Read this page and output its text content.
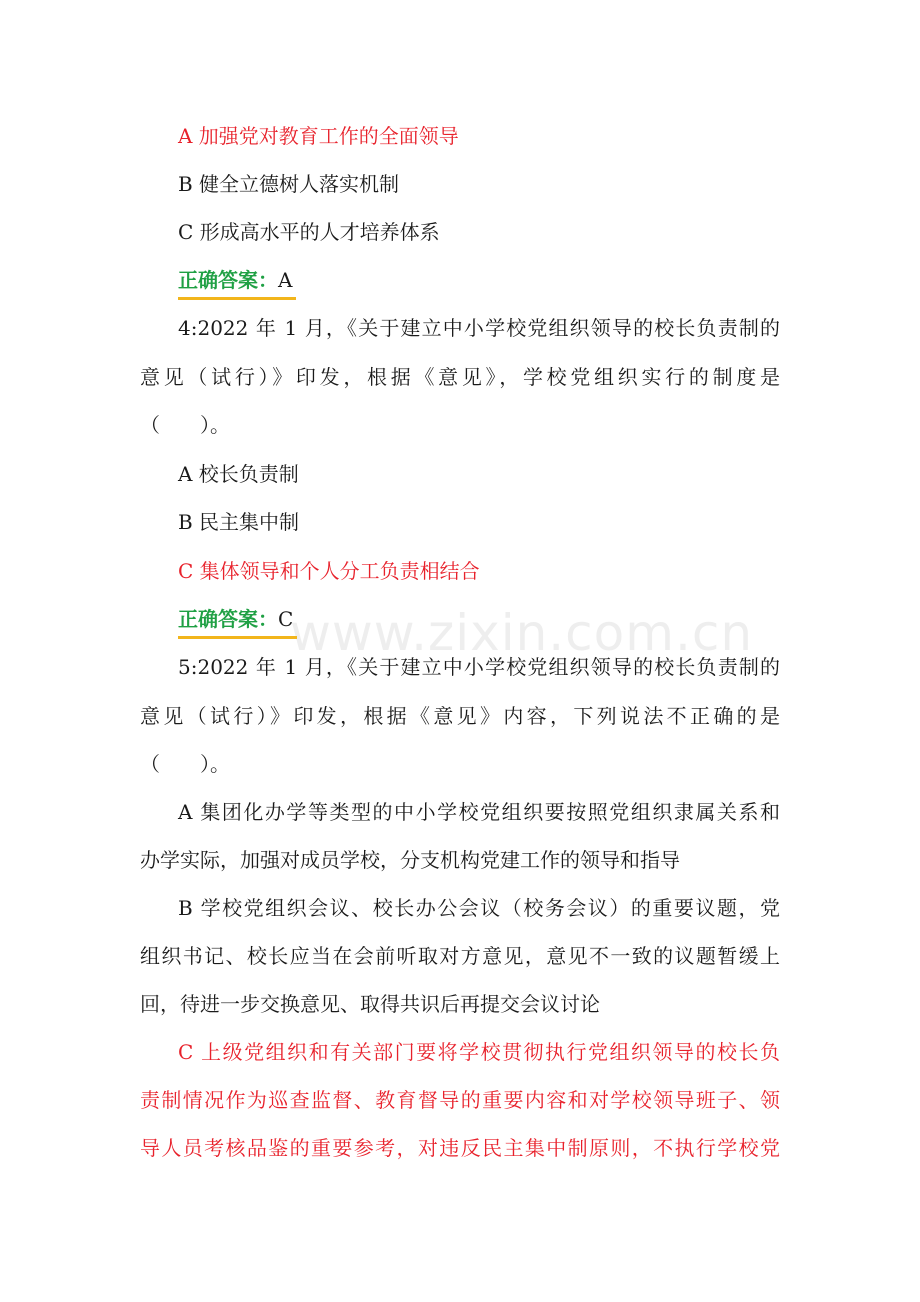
www.zixin.com.cn
A 加强党对教育工作的全面领导
B 健全立德树人落实机制
C 形成高水平的人才培养体系
正确答案：A
4:2022 年 1 月，《关于建立中小学校党组织领导的校长负责制的
意见（试行）》印发，根据《意见》，学校党组织实行的制度是
（　　）。
A 校长负责制
B 民主集中制
C 集体领导和个人分工负责相结合
正确答案：C
5:2022 年 1 月，《关于建立中小学校党组织领导的校长负责制的
意见（试行）》印发，根据《意见》内容，下列说法不正确的是
（　　）。
A 集团化办学等类型的中小学校党组织要按照党组织隶属关系和
办学实际，加强对成员学校，分支机构党建工作的领导和指导
B 学校党组织会议、校长办公会议（校务会议）的重要议题，党
组织书记、校长应当在会前听取对方意见，意见不一致的议题暂缓上
回，待进一步交换意见、取得共识后再提交会议讨论
C 上级党组织和有关部门要将学校贯彻执行党组织领导的校长负
责制情况作为巡查监督、教育督导的重要内容和对学校领导班子、领
导人员考核品鉴的重要参考，对违反民主集中制原则，不执行学校党
